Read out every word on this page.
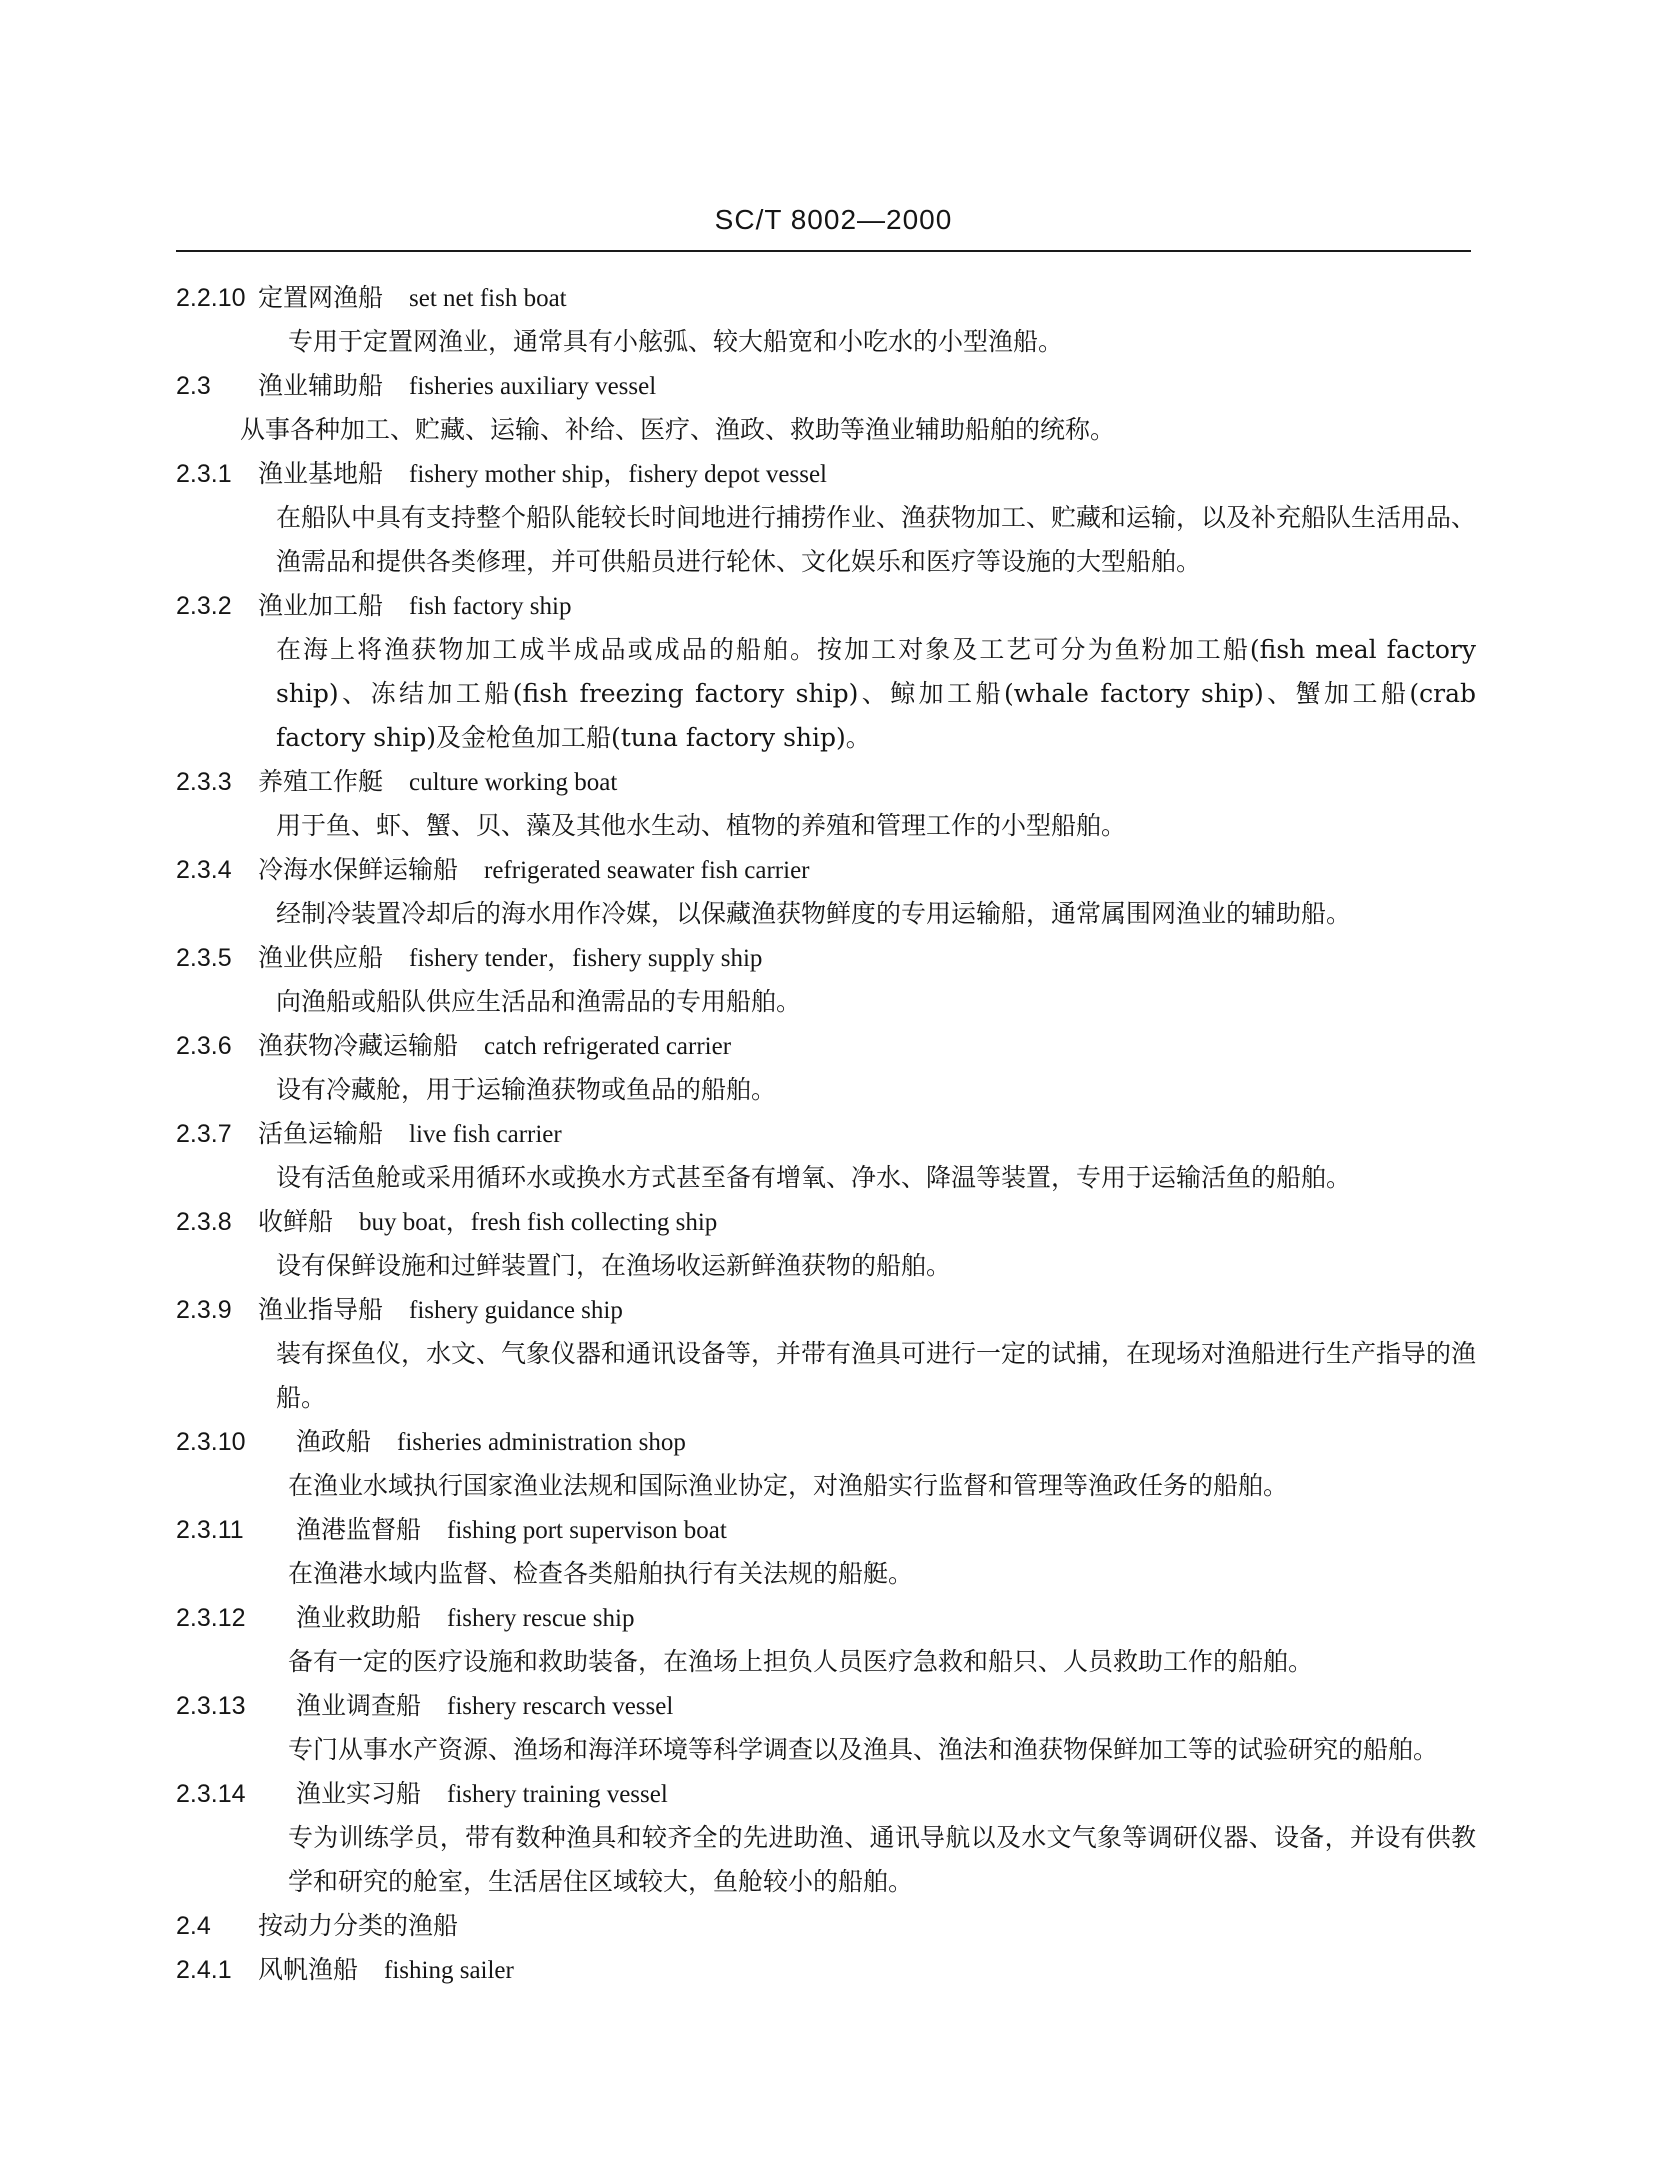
SC/T 8002—2000
2.2.10 定置网渔船 set net fish boat
专用于定置网渔业，通常具有小舷弧、较大船宽和小吃水的小型渔船。
2.3 渔业辅助船 fisheries auxiliary vessel
从事各种加工、贮藏、运输、补给、医疗、渔政、救助等渔业辅助船舶的统称。
2.3.1 渔业基地船 fishery mother ship，fishery depot vessel
在船队中具有支持整个船队能较长时间地进行捕捞作业、渔获物加工、贮藏和运输，以及补充船队生活用品、渔需品和提供各类修理，并可供船员进行轮休、文化娱乐和医疗等设施的大型船舶。
2.3.2 渔业加工船 fish factory ship
在海上将渔获物加工成半成品或成品的船舶。按加工对象及工艺可分为鱼粉加工船(fish meal factory ship)、冻结加工船(fish freezing factory ship)、鲸加工船(whale factory ship)、蟹加工船(crab factory ship)及金枪鱼加工船(tuna factory ship)。
2.3.3 养殖工作艇 culture working boat
用于鱼、虾、蟹、贝、藻及其他水生动、植物的养殖和管理工作的小型船舶。
2.3.4 冷海水保鲜运输船 refrigerated seawater fish carrier
经制冷装置冷却后的海水用作冷媒，以保藏渔获物鲜度的专用运输船，通常属围网渔业的辅助船。
2.3.5 渔业供应船 fishery tender，fishery supply ship
向渔船或船队供应生活品和渔需品的专用船舶。
2.3.6 渔获物冷藏运输船 catch refrigerated carrier
设有冷藏舱，用于运输渔获物或鱼品的船舶。
2.3.7 活鱼运输船 live fish carrier
设有活鱼舱或采用循环水或换水方式甚至备有增氧、净水、降温等装置，专用于运输活鱼的船舶。
2.3.8 收鲜船 buy boat，fresh fish collecting ship
设有保鲜设施和过鲜装置门，在渔场收运新鲜渔获物的船舶。
2.3.9 渔业指导船 fishery guidance ship
装有探鱼仪，水文、气象仪器和通讯设备等，并带有渔具可进行一定的试捕，在现场对渔船进行生产指导的渔船。
2.3.10 渔政船 fisheries administration shop
在渔业水域执行国家渔业法规和国际渔业协定，对渔船实行监督和管理等渔政任务的船舶。
2.3.11 渔港监督船 fishing port supervison boat
在渔港水域内监督、检查各类船舶执行有关法规的船艇。
2.3.12 渔业救助船 fishery rescue ship
备有一定的医疗设施和救助装备，在渔场上担负人员医疗急救和船只、人员救助工作的船舶。
2.3.13 渔业调查船 fishery rescarch vessel
专门从事水产资源、渔场和海洋环境等科学调查以及渔具、渔法和渔获物保鲜加工等的试验研究的船舶。
2.3.14 渔业实习船 fishery training vessel
专为训练学员，带有数种渔具和较齐全的先进助渔、通讯导航以及水文气象等调研仪器、设备，并设有供教学和研究的舱室，生活居住区域较大，鱼舱较小的船舶。
2.4 按动力分类的渔船
2.4.1 风帆渔船 fishing sailer
